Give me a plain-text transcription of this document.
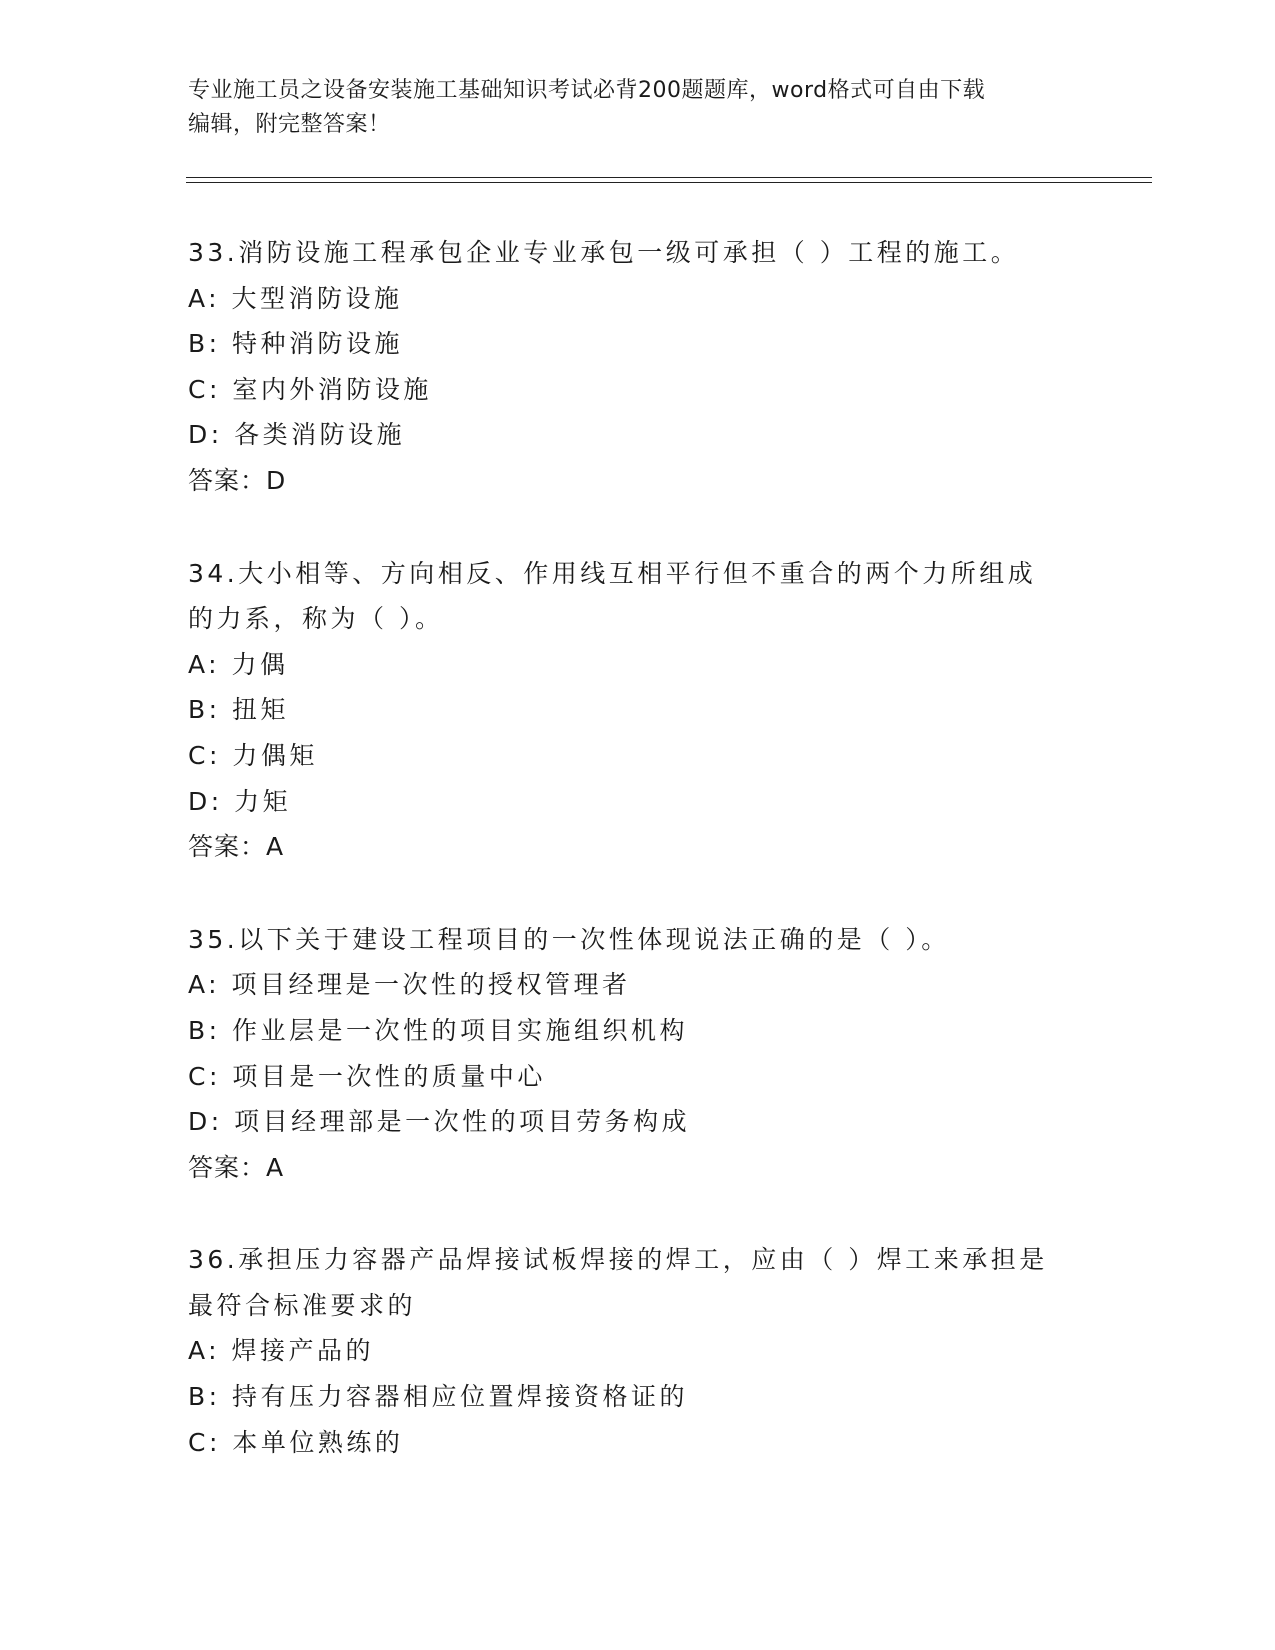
专业施工员之设备安装施工基础知识考试必背200题题库，word格式可自由下载
编辑，附完整答案！
33.消防设施工程承包企业专业承包一级可承担（ ）工程的施工。
A: 大型消防设施
B: 特种消防设施
C: 室内外消防设施
D: 各类消防设施
答案：D
34.大小相等、方向相反、作用线互相平行但不重合的两个力所组成的力系，称为（ ）。
A: 力偶
B: 扭矩
C: 力偶矩
D: 力矩
答案：A
35.以下关于建设工程项目的一次性体现说法正确的是（ ）。
A: 项目经理是一次性的授权管理者
B: 作业层是一次性的项目实施组织机构
C: 项目是一次性的质量中心
D: 项目经理部是一次性的项目劳务构成
答案：A
36.承担压力容器产品焊接试板焊接的焊工，应由（ ）焊工来承担是最符合标准要求的
A: 焊接产品的
B: 持有压力容器相应位置焊接资格证的
C: 本单位熟练的
